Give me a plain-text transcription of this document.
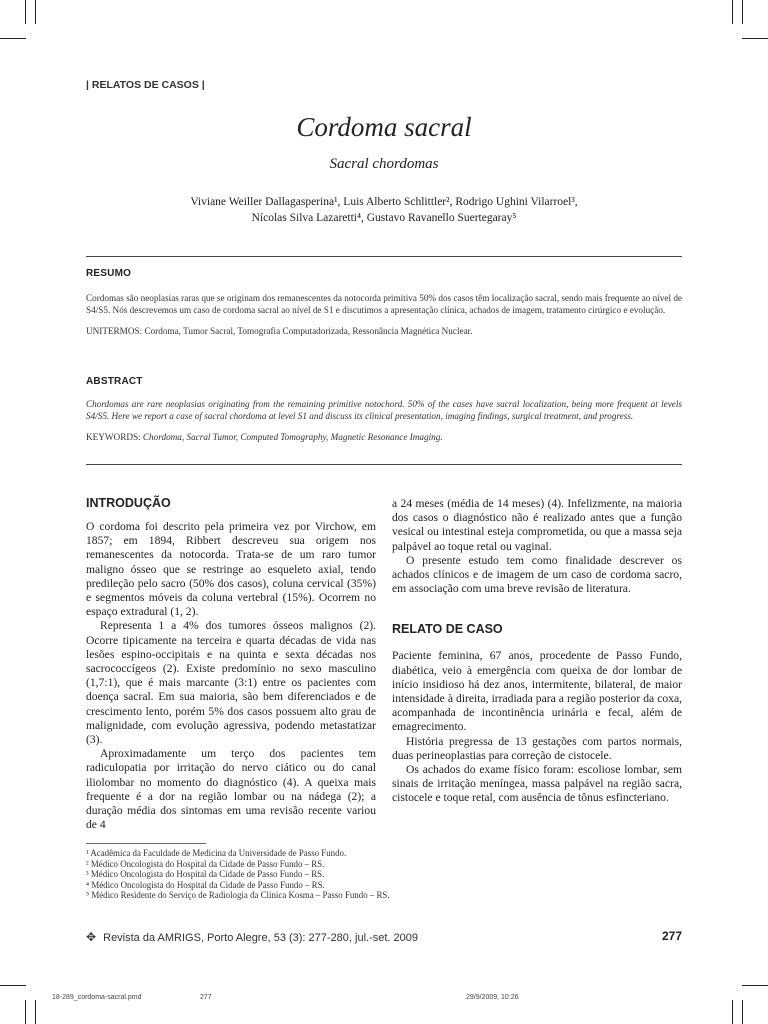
| RELATOS DE CASOS |
Cordoma sacral
Sacral chordomas
Viviane Weiller Dallagasperina¹, Luis Alberto Schlittler², Rodrigo Ughini Vilarroel³,
Nícolas Silva Lazaretti⁴, Gustavo Ravanello Suertegaray⁵
RESUMO

Cordomas são neoplasias raras que se originam dos remanescentes da notocorda primitiva 50% dos casos têm localização sacral, sendo mais frequente ao nível de S4/S5. Nós descrevemos um caso de cordoma sacral ao nível de S1 e discutimos a apresentação clínica, achados de imagem, tratamento cirúrgico e evolução.

UNITERMOS: Cordoma, Tumor Sacral, Tomografia Computadorizada, Ressonância Magnética Nuclear.

ABSTRACT

Chordomas are rare neoplasias originating from the remaining primitive notochord. 50% of the cases have sacral localization, being more frequent at levels S4/S5. Here we report a case of sacral chordoma at level S1 and discuss its clinical presentation, imaging findings, surgical treatment, and progress.

KEYWORDS: Chordoma, Sacral Tumor, Computed Tomography, Magnetic Resonance Imaging.

INTRODUÇÃO

O cordoma foi descrito pela primeira vez por Virchow, em 1857; em 1894, Ribbert descreveu sua origem nos remanescentes da notocorda. Trata-se de um raro tumor maligno ósseo que se restringe ao esqueleto axial, tendo predileção pelo sacro (50% dos casos), coluna cervical (35%) e segmentos móveis da coluna vertebral (15%). Ocorrem no espaço extradural (1, 2).

Representa 1 a 4% dos tumores ósseos malignos (2). Ocorre tipicamente na terceira e quarta décadas de vida nas lesões espino-occipitais e na quinta e sexta décadas nos sacrococcígeos (2). Existe predomínio no sexo masculino (1,7:1), que é mais marcante (3:1) entre os pacientes com doença sacral. Em sua maioria, são bem diferenciados e de crescimento lento, porém 5% dos casos possuem alto grau de malignidade, com evolução agressiva, podendo metastatizar (3).

Aproximadamente um terço dos pacientes tem radiculopatia por irritação do nervo ciático ou do canal iliolombar no momento do diagnóstico (4). A queixa mais frequente é a dor na região lombar ou na nádega (2); a duração média dos sintomas em uma revisão recente variou de 4

a 24 meses (média de 14 meses) (4). Infelizmente, na maioria dos casos o diagnóstico não é realizado antes que a função vesical ou intestinal esteja comprometida, ou que a massa seja palpável ao toque retal ou vaginal.

O presente estudo tem como finalidade descrever os achados clínicos e de imagem de um caso de cordoma sacro, em associação com uma breve revisão de literatura.

RELATO DE CASO

Paciente feminina, 67 anos, procedente de Passo Fundo, diabética, veio à emergência com queixa de dor lombar de início insidioso há dez anos, intermitente, bilateral, de maior intensidade à direita, irradiada para a região posterior da coxa, acompanhada de incontinência urinária e fecal, além de emagrecimento.

História pregressa de 13 gestações com partos normais, duas perineoplastias para correção de cistocele.

Os achados do exame físico foram: escoliose lombar, sem sinais de irritação meníngea, massa palpável na região sacra, cistocele e toque retal, com ausência de tônus esfincteriano.

¹ Acadêmica da Faculdade de Medicina da Universidade de Passo Fundo.
² Médico Oncologista do Hospital da Cidade de Passo Fundo – RS.
³ Médico Oncologista do Hospital da Cidade de Passo Fundo – RS.
⁴ Médico Oncologista do Hospital da Cidade de Passo Fundo – RS.
⁵ Médico Residente do Serviço de Radiologia da Clínica Kosma – Passo Fundo – RS.
✥ Revista da AMRIGS, Porto Alegre, 53 (3): 277-280, jul.-set. 2009	277
18-289_cordoma-sacral.pmd	277	29/9/2009, 10:26
